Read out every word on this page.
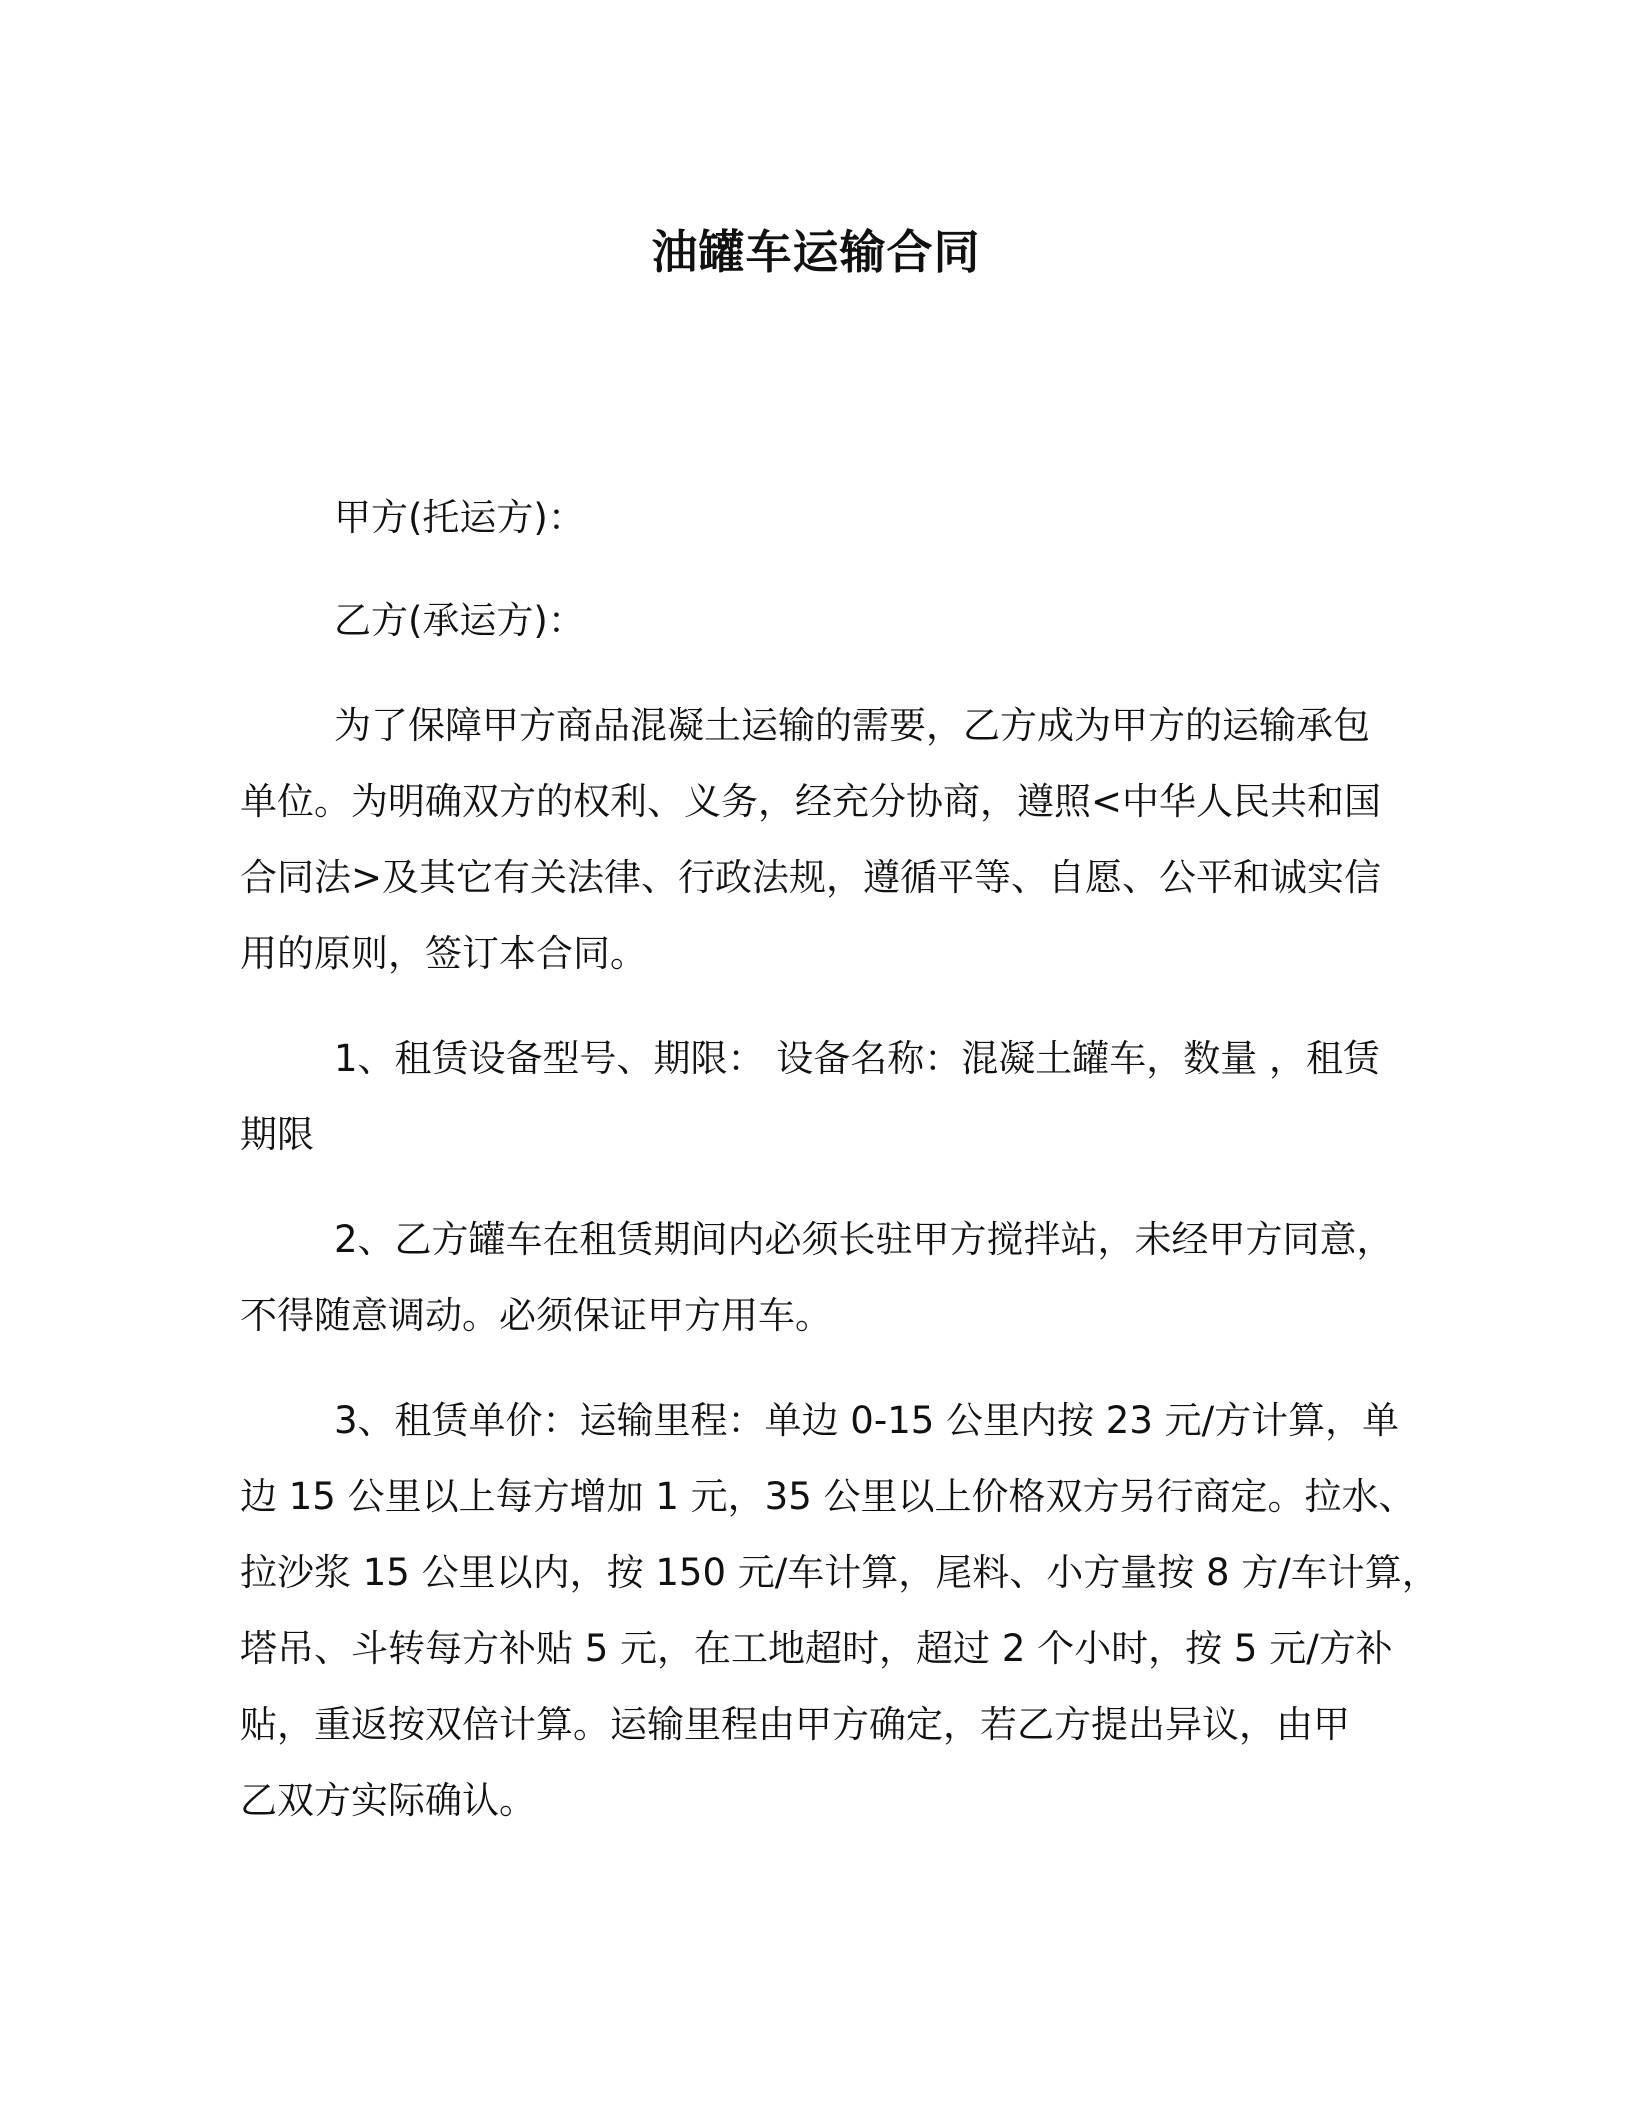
油罐车运输合同
甲方(托运方)：
乙方(承运方)：
为了保障甲方商品混凝土运输的需要，乙方成为甲方的运输承包
单位。为明确双方的权利、义务，经充分协商，遵照<中华人民共和国
合同法>及其它有关法律、行政法规，遵循平等、自愿、公平和诚实信
用的原则，签订本合同。
1、租赁设备型号、期限： 设备名称：混凝土罐车，数量 ，租赁
期限
2、乙方罐车在租赁期间内必须长驻甲方搅拌站，未经甲方同意，
不得随意调动。必须保证甲方用车。
3、租赁单价：运输里程：单边 0-15 公里内按 23 元/方计算，单
边 15 公里以上每方增加 1 元，35 公里以上价格双方另行商定。拉水、
拉沙浆 15 公里以内，按 150 元/车计算，尾料、小方量按 8 方/车计算，
塔吊、斗转每方补贴 5 元，在工地超时，超过 2 个小时，按 5 元/方补
贴，重返按双倍计算。运输里程由甲方确定，若乙方提出异议，由甲
乙双方实际确认。
